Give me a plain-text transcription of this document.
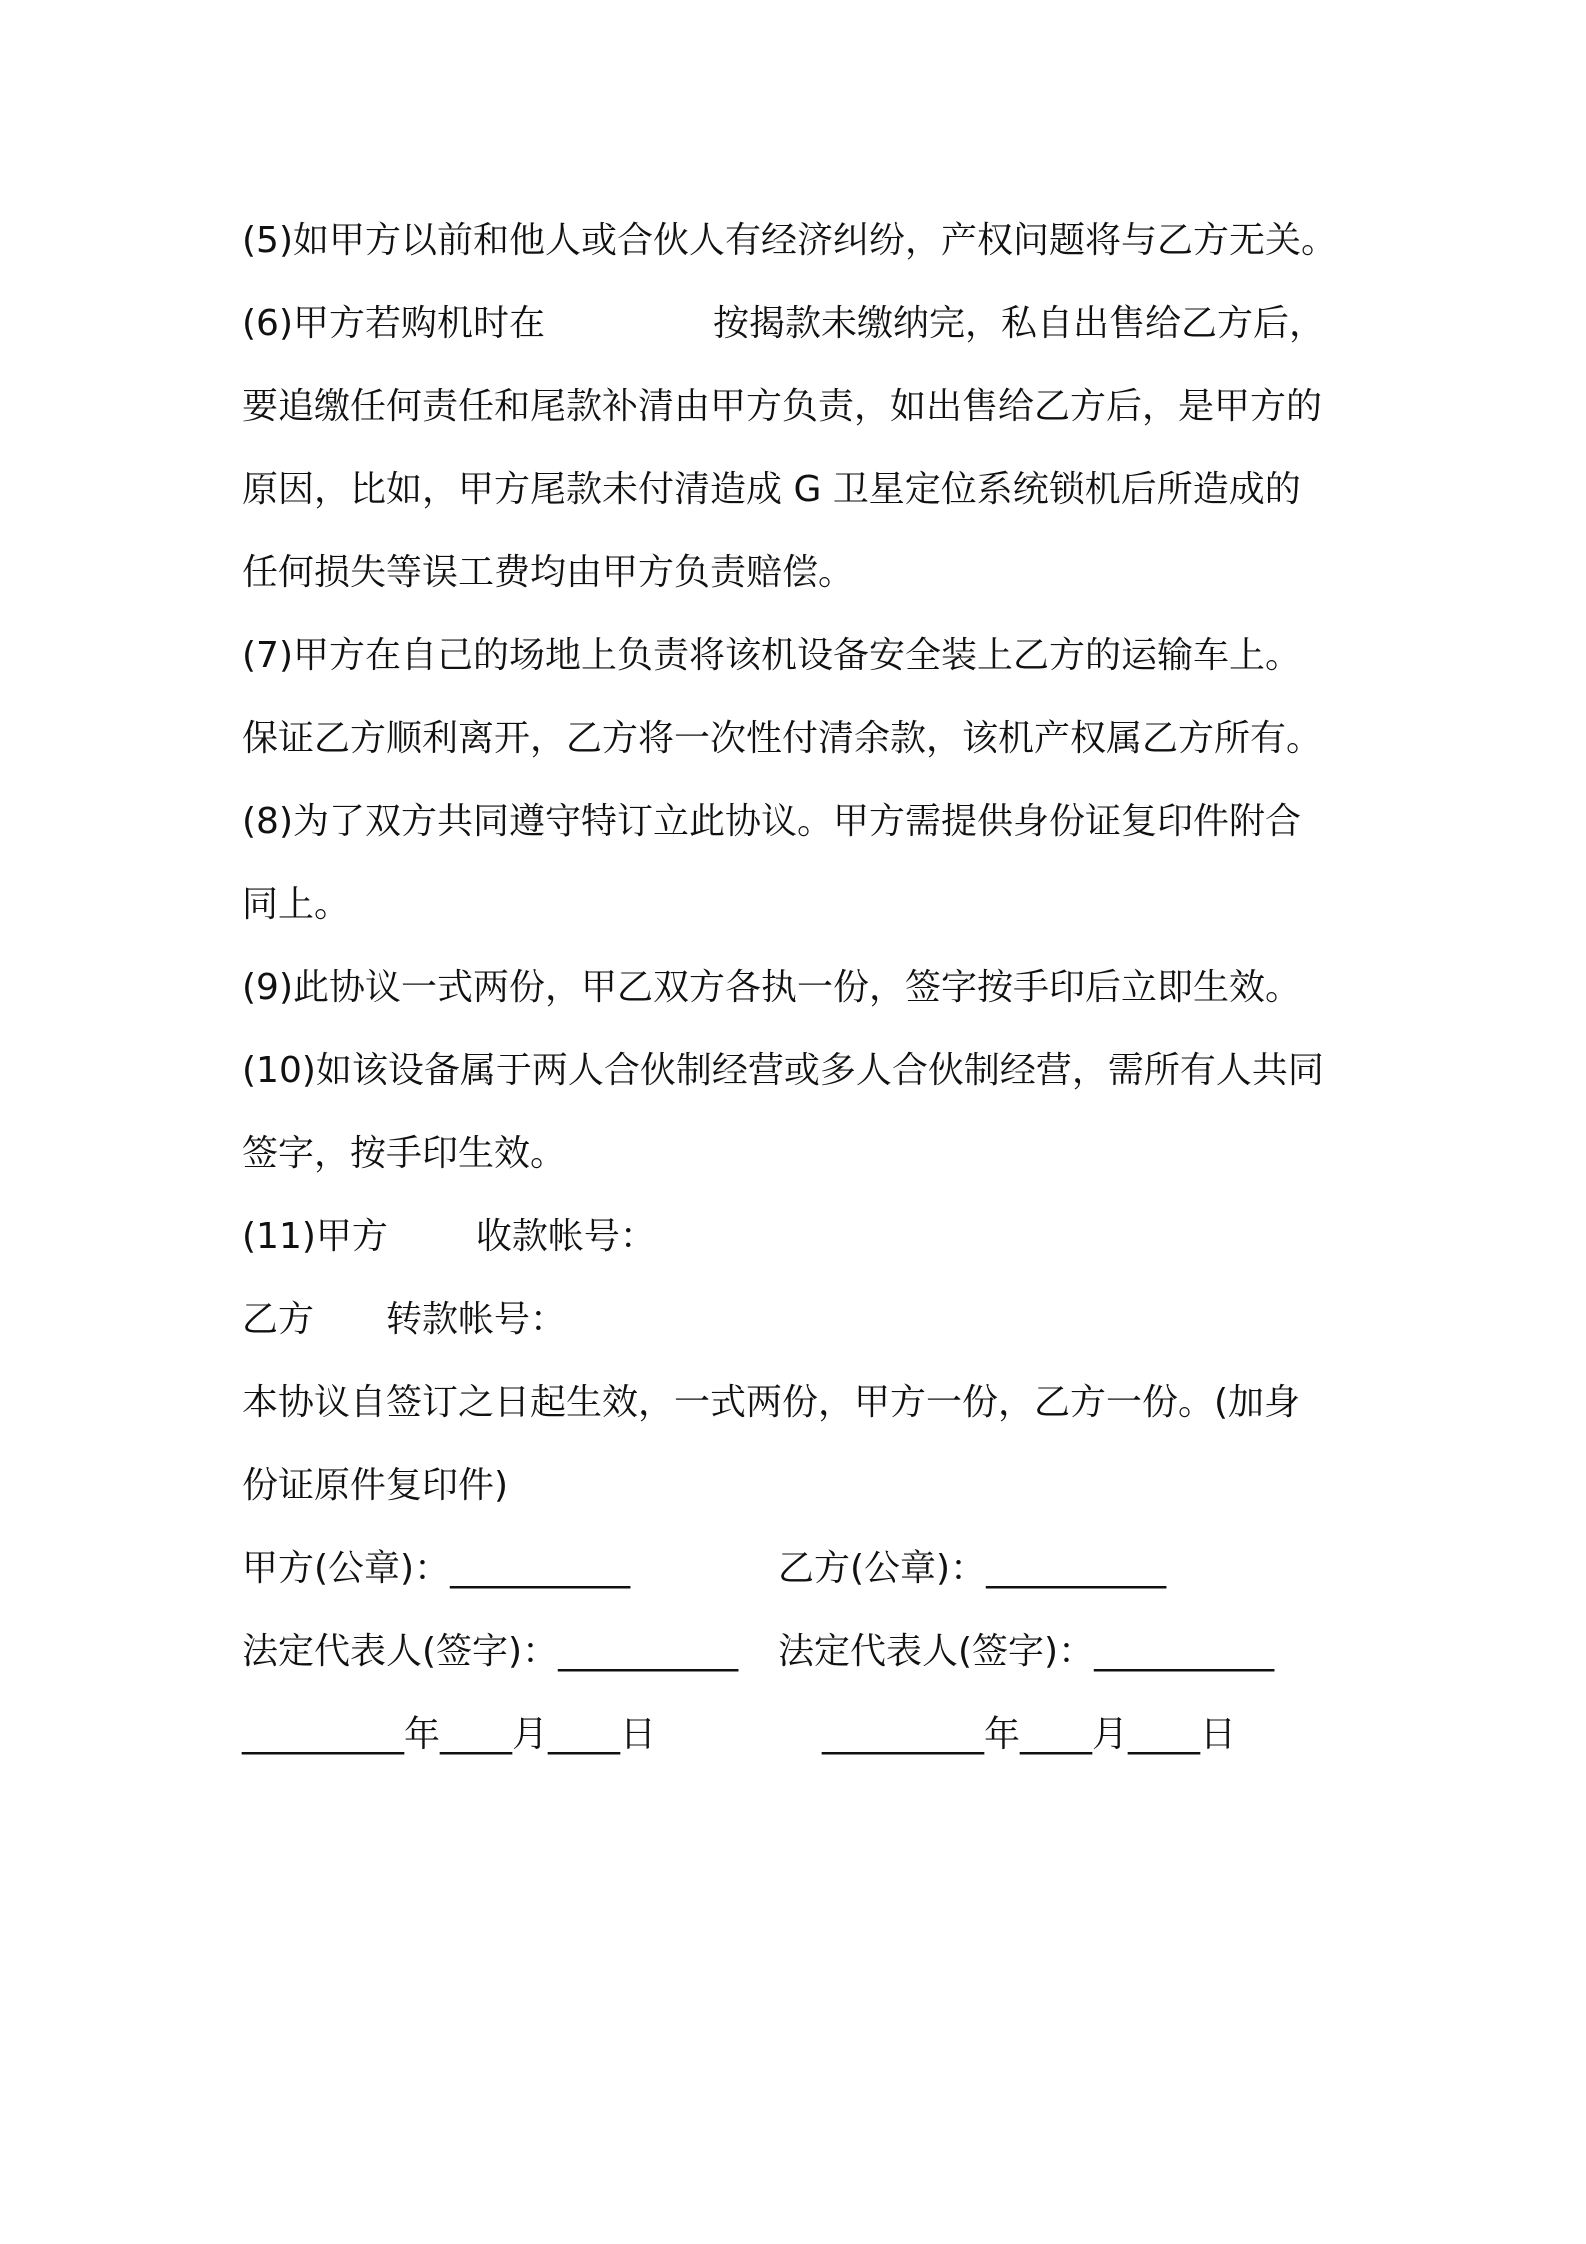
(5)如甲方以前和他人或合伙人有经济纠纷，产权问题将与乙方无关。
(6)甲方若购机时在	按揭款未缴纳完，私自出售给乙方后，
要追缴任何责任和尾款补清由甲方负责，如出售给乙方后，是甲方的
原因，比如，甲方尾款未付清造成 G 卫星定位系统锁机后所造成的
任何损失等误工费均由甲方负责赔偿。
(7)甲方在自己的场地上负责将该机设备安全装上乙方的运输车上。
保证乙方顺利离开，乙方将一次性付清余款，该机产权属乙方所有。
(8)为了双方共同遵守特订立此协议。甲方需提供身份证复印件附合
同上。
(9)此协议一式两份，甲乙双方各执一份，签字按手印后立即生效。
(10)如该设备属于两人合伙制经营或多人合伙制经营，需所有人共同
签字，按手印生效。
(11)甲方 收款帐号：
乙方 转款帐号：
本协议自签订之日起生效，一式两份，甲方一份，乙方一份。(加身
份证原件复印件)
甲方(公章)：__________	乙方(公章)：__________
法定代表人(签字)：__________ 法定代表人(签字)：__________
_________年____月____日	_________年____月____日
